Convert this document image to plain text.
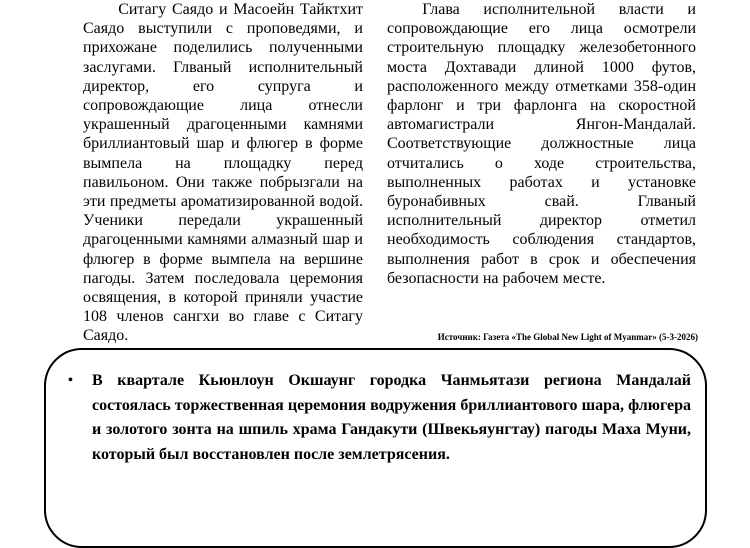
Ситагу Саядо и Масоейн Тайктхит Саядо выступили с проповедями, и прихожане поделились полученными заслугами. Глваный исполнительный директор, его супруга и сопровождающие лица отнесли украшенный драгоценными камнями бриллиантовый шар и флюгер в форме вымпела на площадку перед павильоном. Они также побрызгали на эти предметы ароматизированной водой. Ученики передали украшенный драгоценными камнями алмазный шар и флюгер в форме вымпела на вершине пагоды. Затем последовала церемония освящения, в которой приняли участие 108 членов сангхи во главе с Ситагу Саядо.

Глава исполнительной власти и сопровождающие его лица осмотрели строительную площадку железобетонного моста Дохтавади длиной 1000 футов, расположенного между отметками 358-один фарлонг и три фарлонга на скоростной автомагистрали Янгон-Мандалай. Соответствующие должностные лица отчитались о ходе строительства, выполненных работах и установке буронабивных свай. Глваный исполнительный директор отметил необходимость соблюдения стандартов, выполнения работ в срок и обеспечения безопасности на рабочем месте.

Источник: Газета «The Global New Light of Myanmar» (5-3-2026)
• В квартале Кьюнлоун Окшаунг городка Чанмьятази региона Мандалай состоялась торжественная церемония водружения бриллиантового шара, флюгера и золотого зонта на шпиль храма Гандакути (Швекьяунгтау) пагоды Маха Муни, который был восстановлен после землетрясения.
